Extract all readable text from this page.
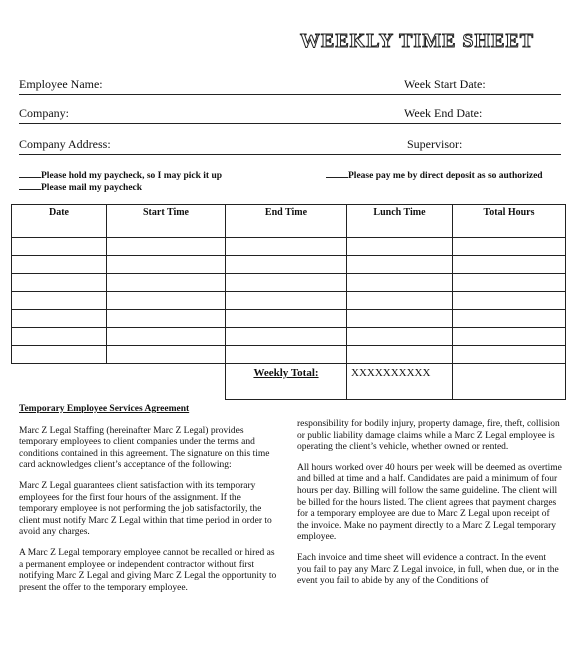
WEEKLY TIME SHEET
Employee Name:	Week Start Date:
Company:	Week End Date:
Company Address:	Supervisor:
Please hold my paycheck, so I may pick it up
Please mail my paycheck
Please pay me by direct deposit as so authorized
Date	Start Time	End Time	Lunch Time	Total Hours

		Weekly Total:	XXXXXXXXXX	

Temporary Employee Services Agreement

Marc Z Legal Staffing (hereinafter Marc Z Legal) provides temporary employees to client companies under the terms and conditions contained in this agreement. The signature on this time card acknowledges client’s acceptance of the following:

Marc Z Legal guarantees client satisfaction with its temporary employees for the first four hours of the assignment. If the temporary employee is not performing the job satisfactorily, the client must notify Marc Z Legal within that time period in order to avoid any charges.

A Marc Z Legal temporary employee cannot be recalled or hired as a permanent employee or independent contractor without first notifying Marc Z Legal and giving Marc Z Legal the opportunity to present the offer to the temporary employee.

responsibility for bodily injury, property damage, fire, theft, collision or public liability damage claims while a Marc Z Legal employee is operating the client’s vehicle, whether owned or rented.

All hours worked over 40 hours per week will be deemed as overtime and billed at time and a half. Candidates are paid a minimum of four hours per day. Billing will follow the same guideline. The client will be billed for the hours listed. The client agrees that payment charges for a temporary employee are due to Marc Z Legal upon receipt of the invoice. Make no payment directly to a Marc Z Legal temporary employee.

Each invoice and time sheet will evidence a contract. In the event you fail to pay any Marc Z Legal invoice, in full, when due, or in the event you fail to abide by any of the Conditions of
